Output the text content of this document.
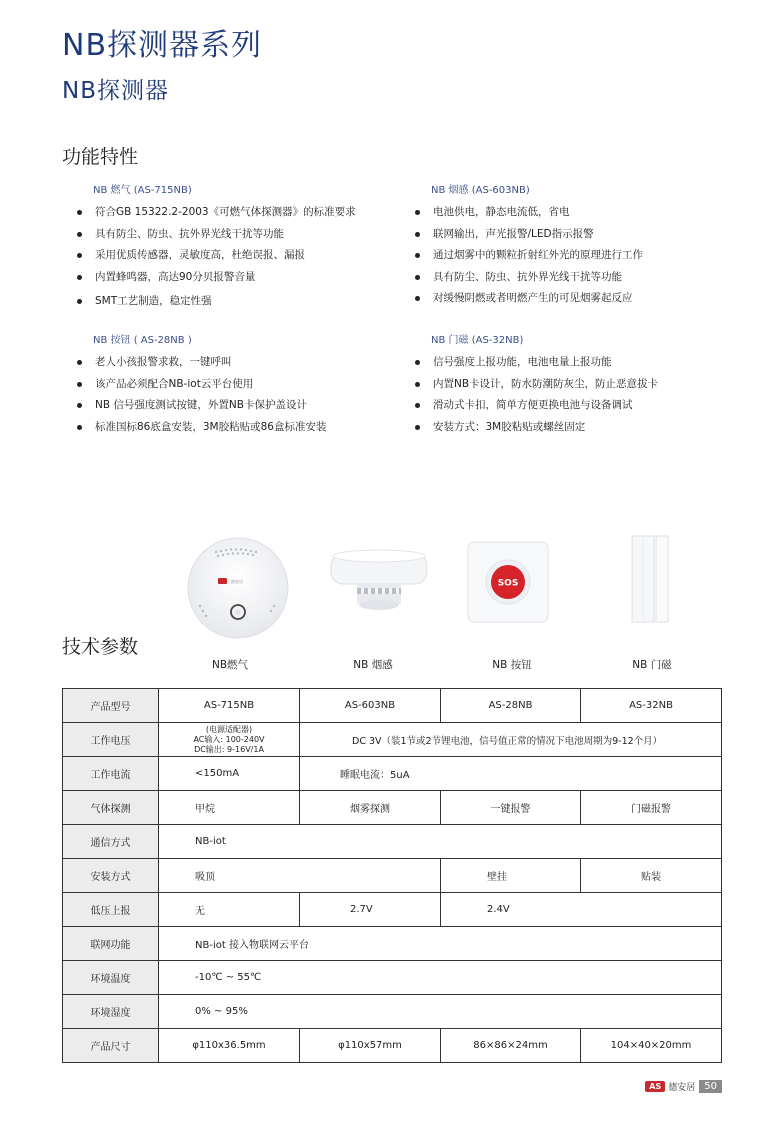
NB探测器系列
NB探测器
功能特性
NB 燃气 (AS-715NB)
符合GB 15322.2-2003《可燃气体探测器》的标准要求
具有防尘、防虫、抗外界光线干扰等功能
采用优质传感器，灵敏度高，杜绝误报、漏报
内置蜂鸣器，高达90分贝报警音量
SMT工艺制造，稳定性强
NB 烟感 (AS-603NB)
电池供电，静态电流低，省电
联网输出，声光报警/LED指示报警
通过烟雾中的颗粒折射红外光的原理进行工作
具有防尘、防虫、抗外界光线干扰等功能
对缓慢阴燃或者明燃产生的可见烟雾起反应
NB 按钮 ( AS-28NB )
老人小孩报警求救，一键呼叫
该产品必须配合NB-iot云平台使用
NB 信号强度测试按键，外置NB卡保护盖设计
标准国标86底盒安装，3M胶粘贴或86盒标准安装
NB 门磁 (AS-32NB)
信号强度上报功能，电池电量上报功能
内置NB卡设计，防水防潮防灰尘，防止恶意拔卡
滑动式卡扣，简单方便更换电池与设备调试
安装方式：3M胶粘贴或螺丝固定
德安居	SOS
技术参数
NB燃气	NB 烟感	NB 按钮	NB 门磁
产品型号	AS-715NB	AS-603NB	AS-28NB	AS-32NB
工作电压	(电源适配器)
AC输入: 100-240V
DC输出: 9-16V/1A	DC 3V（装1节或2节锂电池，信号值正常的情况下电池周期为9-12个月）		
工作电流	<150mA	睡眠电流：5uA		
气体探测	甲烷	烟雾探测	一键报警	门磁报警
通信方式	NB-iot			
安装方式	吸顶		壁挂	贴装
低压上报	无	2.7V	2.4V	
联网功能	NB-iot 接入物联网云平台			
环境温度	-10℃ ~ 55℃			
环境湿度	0% ~ 95%			
产品尺寸	φ110x36.5mm	φ110x57mm	86×86×24mm	104×40×20mm
AS 德安居 50
